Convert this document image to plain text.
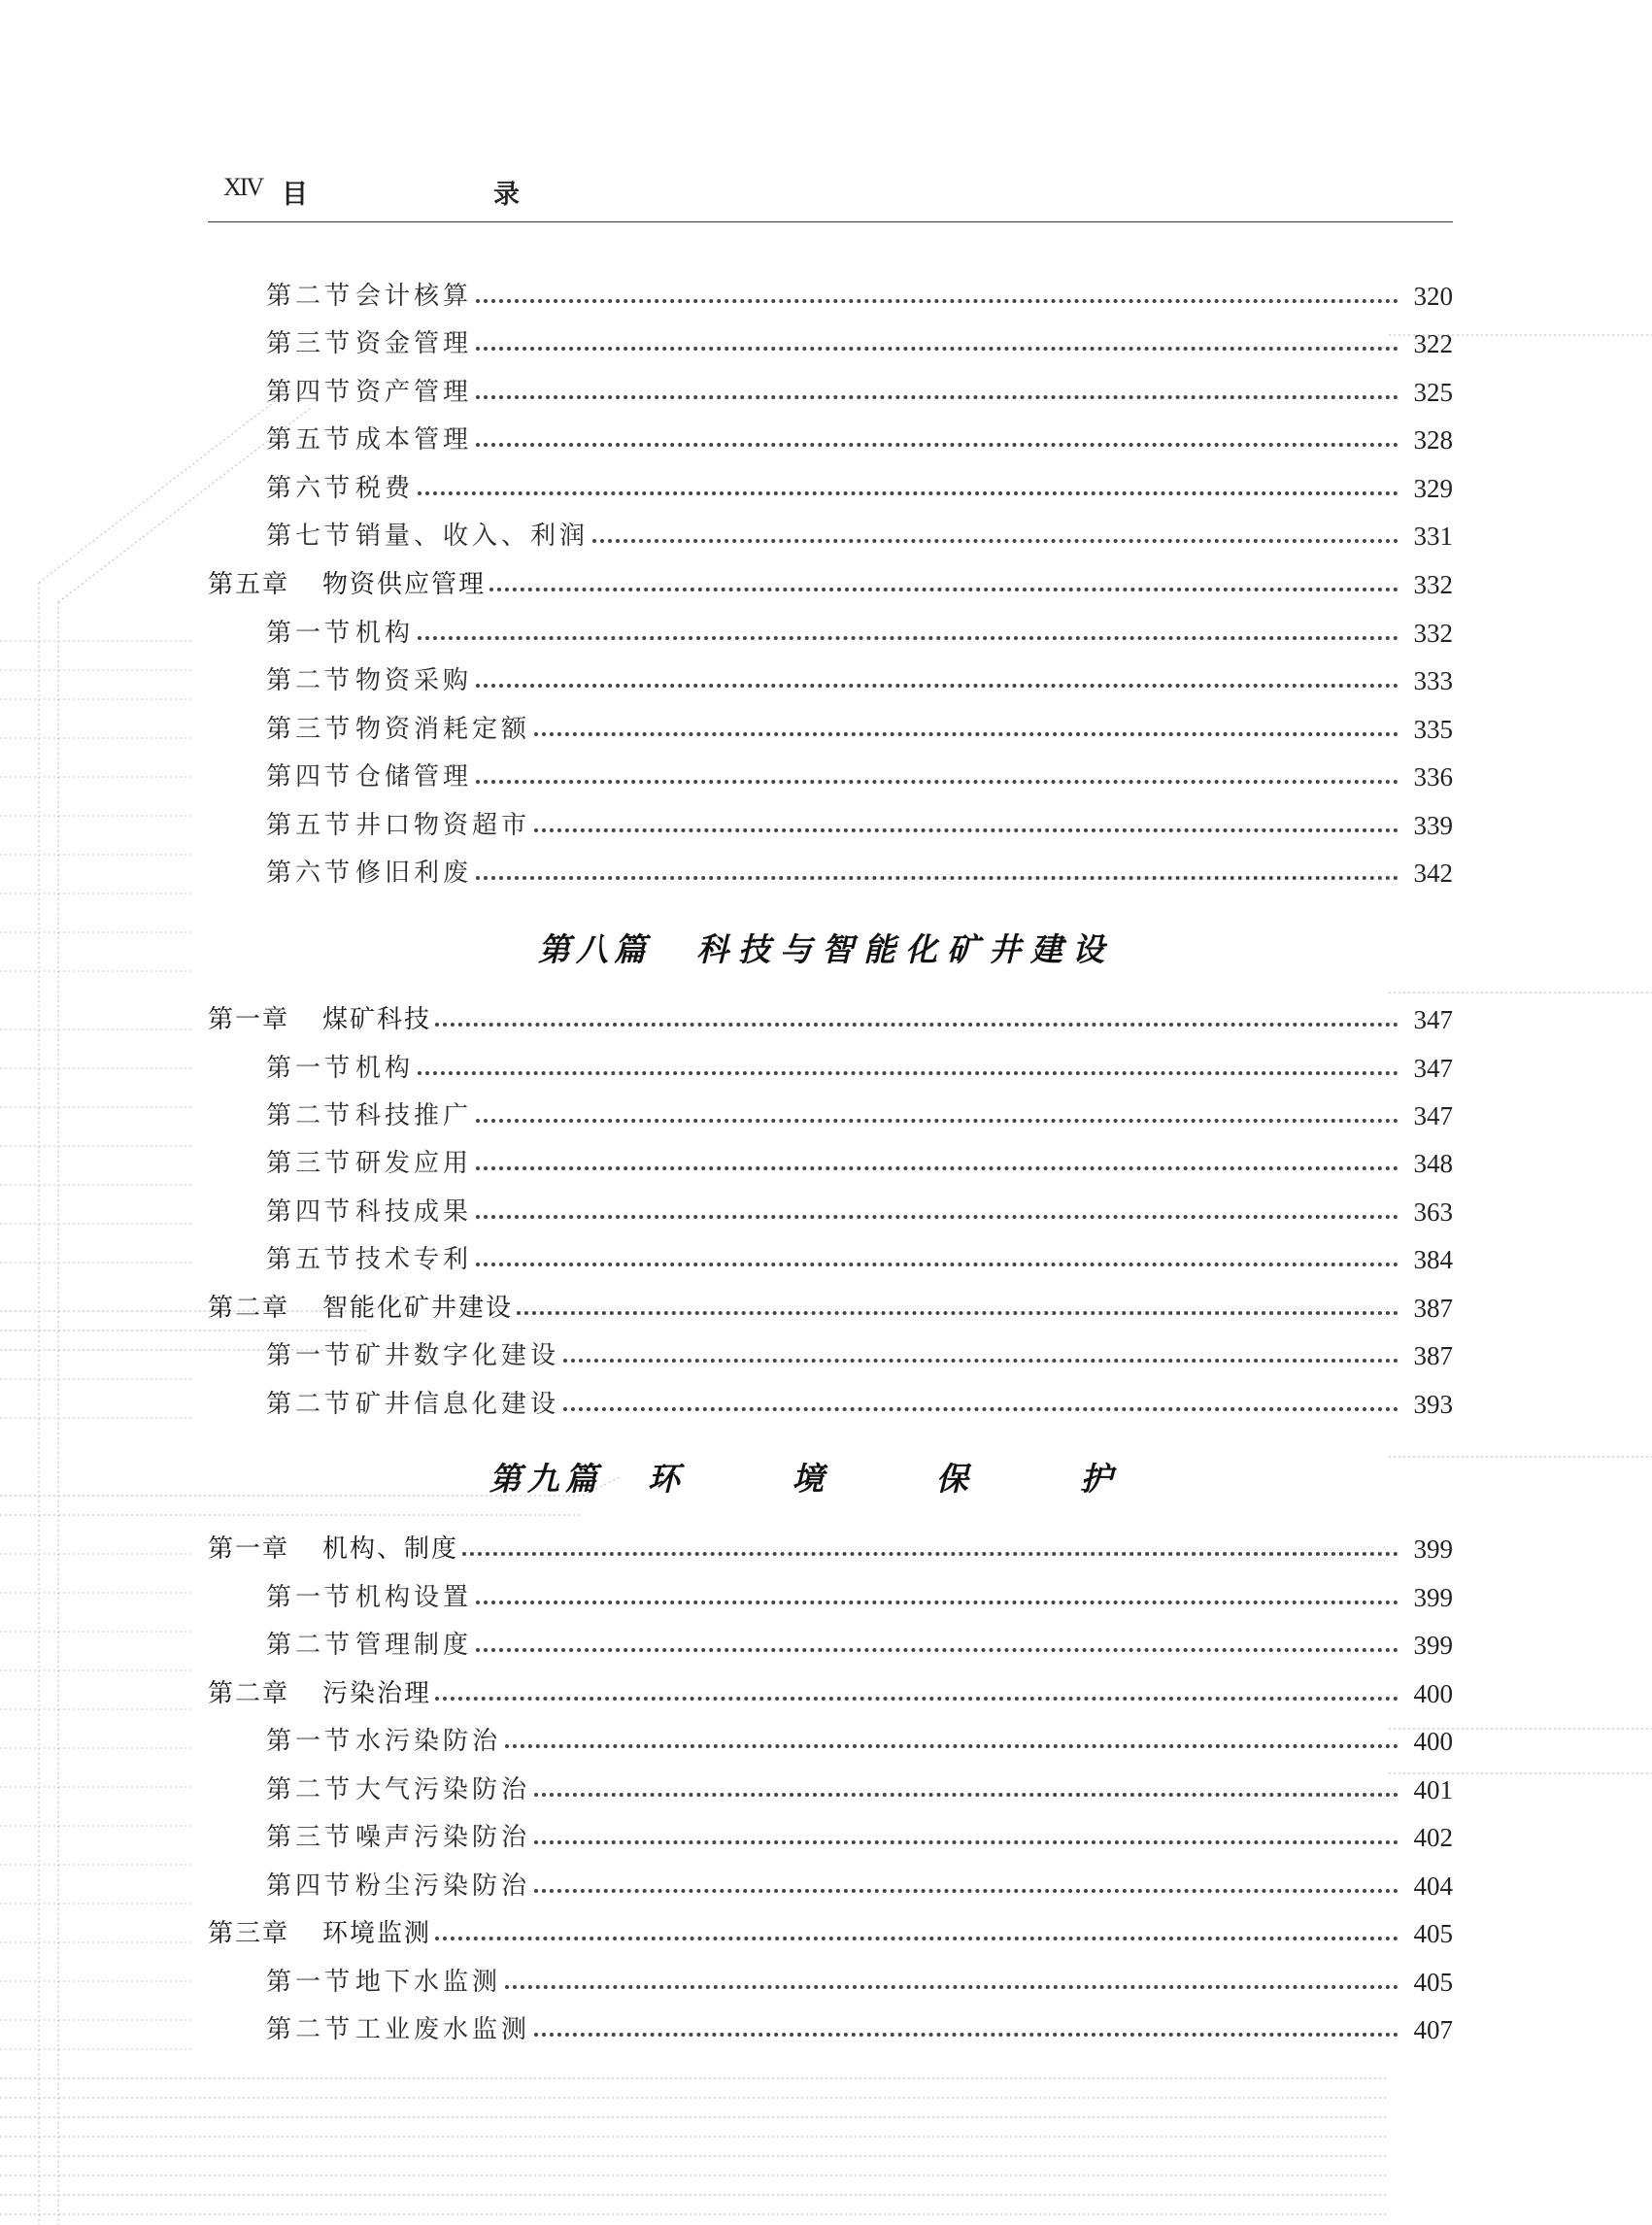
XIV 目　录
第二节会计核算	320
第三节资金管理	322
第四节资产管理	325
第五节成本管理	328
第六节税费	329
第七节销量、收入、利润	331
第五章 物资供应管理	332
第一节机构	332
第二节物资采购	333
第三节物资消耗定额	335
第四节仓储管理	336
第五节井口物资超市	339
第六节修旧利废	342
第八篇 科技与智能化矿井建设
第一章 煤矿科技	347
第一节机构	347
第二节科技推广	347
第三节研发应用	348
第四节科技成果	363
第五节技术专利	384
第二章 智能化矿井建设	387
第一节矿井数字化建设	387
第二节矿井信息化建设	393
第九篇 环 境 保 护
第一章 机构、制度	399
第一节机构设置	399
第二节管理制度	399
第二章 污染治理	400
第一节水污染防治	400
第二节大气污染防治	401
第三节噪声污染防治	402
第四节粉尘污染防治	404
第三章 环境监测	405
第一节地下水监测	405
第二节工业废水监测	407
